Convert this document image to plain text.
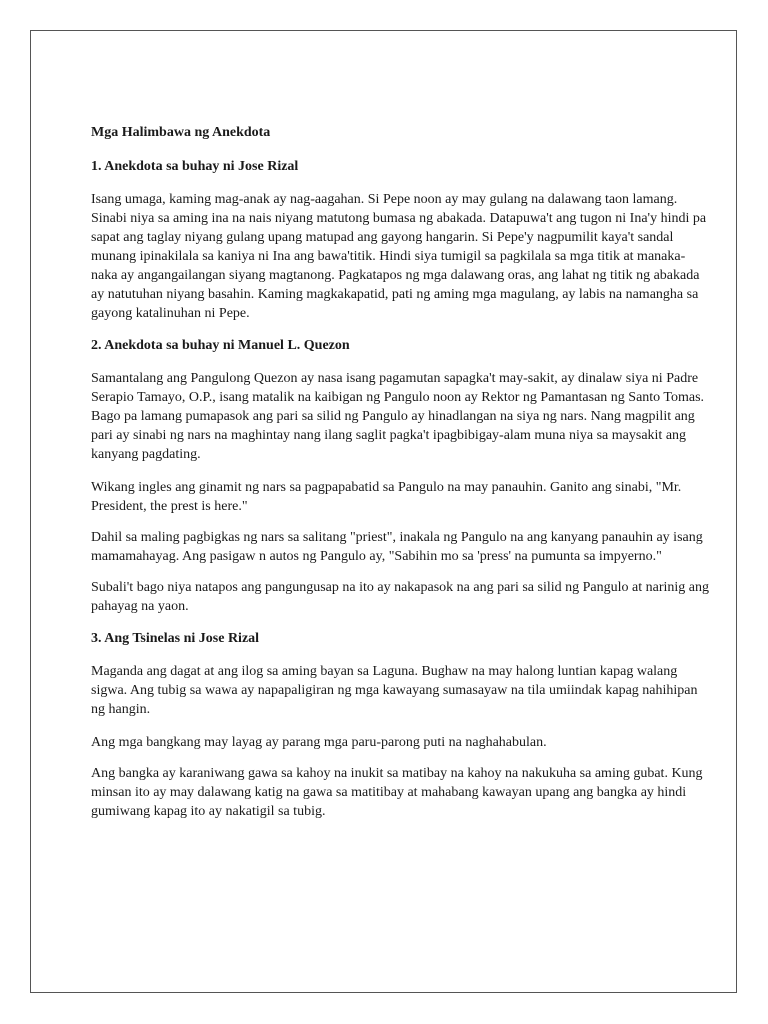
Mga Halimbawa ng Anekdota
1. Anekdota sa buhay ni Jose Rizal

Isang umaga, kaming mag-anak ay nag-aagahan. Si Pepe noon ay may gulang na dalawang taon lamang. Sinabi niya sa aming ina na nais niyang matutong bumasa ng abakada. Datapuwa't ang tugon ni Ina'y hindi pa sapat ang taglay niyang gulang upang matupad ang gayong hangarin. Si Pepe'y nagpumilit kaya't sandal munang ipinakilala sa kaniya ni Ina ang bawa'titik. Hindi siya tumigil sa pagkilala sa mga titik at manaka-naka ay angangailangan siyang magtanong. Pagkatapos ng mga dalawang oras, ang lahat ng titik ng abakada ay natutuhan niyang basahin. Kaming magkakapatid, pati ng aming mga magulang, ay labis na namangha sa gayong katalinuhan ni Pepe.

2. Anekdota sa buhay ni Manuel L. Quezon

Samantalang ang Pangulong Quezon ay nasa isang pagamutan sapagka't may-sakit, ay dinalaw siya ni Padre Serapio Tamayo, O.P., isang matalik na kaibigan ng Pangulo noon ay Rektor ng Pamantasan ng Santo Tomas. Bago pa lamang pumapasok ang pari sa silid ng Pangulo ay hinadlangan na siya ng nars. Nang magpilit ang pari ay sinabi ng nars na maghintay nang ilang saglit pagka't ipagbibigay-alam muna niya sa maysakit ang kanyang pagdating.

Wikang ingles ang ginamit ng nars sa pagpapabatid sa Pangulo na may panauhin. Ganito ang sinabi, "Mr. President, the prest is here."

Dahil sa maling pagbigkas ng nars sa salitang "priest", inakala ng Pangulo na ang kanyang panauhin ay isang mamamahayag. Ang pasigaw n autos ng Pangulo ay, "Sabihin mo sa 'press' na pumunta sa impyerno."

Subali't bago niya natapos ang pangungusap na ito ay nakapasok na ang pari sa silid ng Pangulo at narinig ang pahayag na yaon.

3. Ang Tsinelas ni Jose Rizal

Maganda ang dagat at ang ilog sa aming bayan sa Laguna. Bughaw na may halong luntian kapag walang sigwa. Ang tubig sa wawa ay napapaligiran ng mga kawayang sumasayaw na tila umiindak kapag nahihipan ng hangin.

Ang mga bangkang may layag ay parang mga paru-parong puti na naghahabulan.

Ang bangka ay karaniwang gawa sa kahoy na inukit sa matibay na kahoy na nakukuha sa aming gubat. Kung minsan ito ay may dalawang katig na gawa sa matitibay at mahabang kawayan upang ang bangka ay hindi gumiwang kapag ito ay nakatigil sa tubig.
